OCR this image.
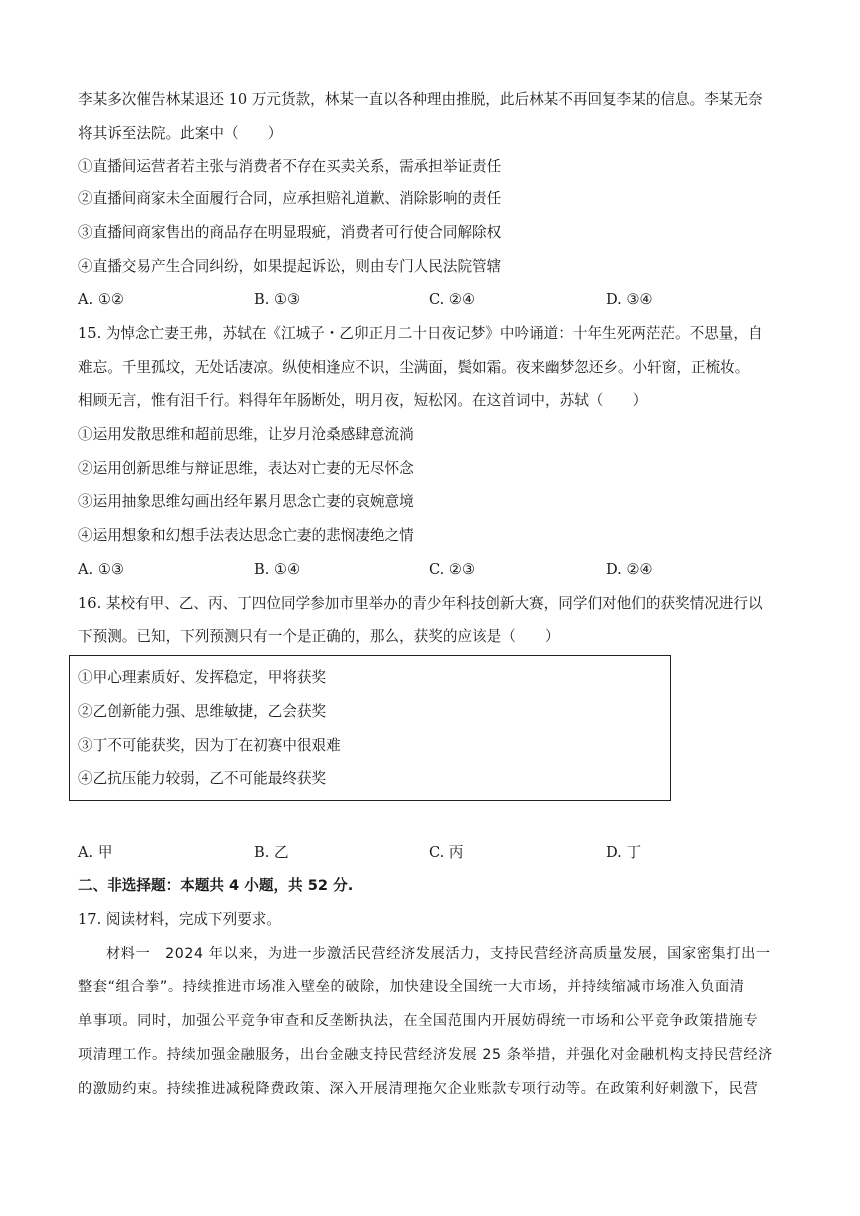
李某多次催告林某退还 10 万元货款，林某一直以各种理由推脱，此后林某不再回复李某的信息。李某无奈
将其诉至法院。此案中（　　）
①直播间运营者若主张与消费者不存在买卖关系，需承担举证责任
②直播间商家未全面履行合同，应承担赔礼道歉、消除影响的责任
③直播间商家售出的商品存在明显瑕疵，消费者可行使合同解除权
④直播交易产生合同纠纷，如果提起诉讼，则由专门人民法院管辖
A. ①②	B. ①③	C. ②④	D. ③④
15. 为悼念亡妻王弗，苏轼在《江城子・乙卯正月二十日夜记梦》中吟诵道：十年生死两茫茫。不思量，自
难忘。千里孤坟，无处话凄凉。纵使相逢应不识，尘满面，鬓如霜。夜来幽梦忽还乡。小轩窗，正梳妆。
相顾无言，惟有泪千行。料得年年肠断处，明月夜，短松冈。在这首词中，苏轼（　　）
①运用发散思维和超前思维，让岁月沧桑感肆意流淌
②运用创新思维与辩证思维，表达对亡妻的无尽怀念
③运用抽象思维勾画出经年累月思念亡妻的哀婉意境
④运用想象和幻想手法表达思念亡妻的悲悯凄绝之情
A. ①③	B. ①④	C. ②③	D. ②④
16. 某校有甲、乙、丙、丁四位同学参加市里举办的青少年科技创新大赛，同学们对他们的获奖情况进行以
下预测。已知，下列预测只有一个是正确的，那么，获奖的应该是（　　）
①甲心理素质好、发挥稳定，甲将获奖
②乙创新能力强、思维敏捷，乙会获奖
③丁不可能获奖，因为丁在初赛中很艰难
④乙抗压能力较弱，乙不可能最终获奖
A. 甲	B. 乙	C. 丙	D. 丁
二、非选择题：本题共 4 小题，共 52 分.
17. 阅读材料，完成下列要求。
材料一　2024 年以来，为进一步激活民营经济发展活力，支持民营经济高质量发展，国家密集打出一
整套“组合拳”。持续推进市场准入壁垒的破除，加快建设全国统一大市场，并持续缩减市场准入负面清
单事项。同时，加强公平竞争审查和反垄断执法，在全国范围内开展妨碍统一市场和公平竞争政策措施专
项清理工作。持续加强金融服务，出台金融支持民营经济发展 25 条举措，并强化对金融机构支持民营经济
的激励约束。持续推进减税降费政策、深入开展清理拖欠企业账款专项行动等。在政策利好刺激下，民营
